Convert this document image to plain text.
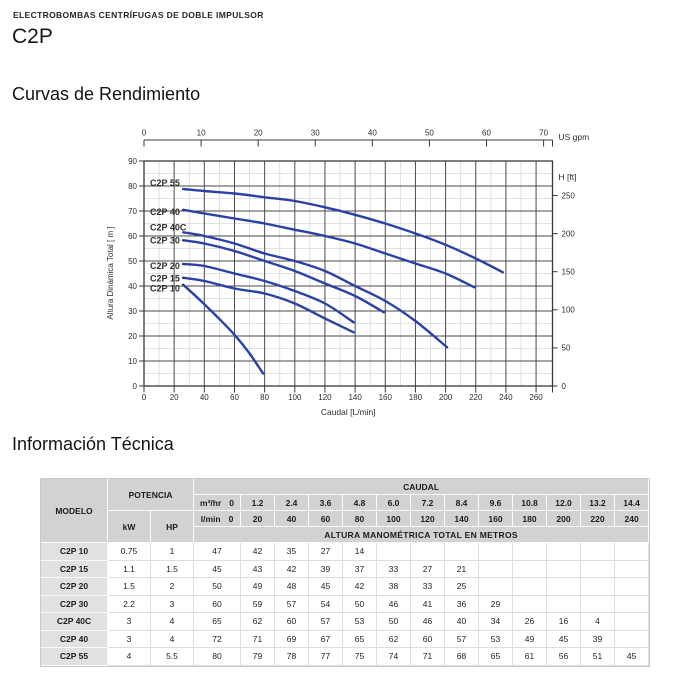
ELECTROBOMBAS CENTRÍFUGAS DE DOBLE IMPULSOR
C2P
Curvas de Rendimiento
0	20	40	60	80 100 120 140 160 180 200 220 240 260
Caudal [L/min]
0
10
20
30
40
50
60
70
80
90
Altura Dinámica Total [ m ]
0	10	20	30	40	50	60	70 US gpm
0
50
100
150
200
250
H [ft]
C2P 55
C2P 40
C2P 40C
C2P 30
C2P 20
C2P 15
C2P 10
Información Técnica
MODELO	POTENCIA		CAUDAL												
			m³/hr 0	1.2	2.4	3.6	4.8	6.0	7.2	8.4	9.6	10.8	12.0	13.2	14.4
	kW	HP	l/min 0	20	40	60	80	100	120	140	160	180	200	220	240
			ALTURA MANOMÉTRICA TOTAL EN METROS												
C2P 10	0.75	1	47	42	35	27	14								
C2P 15	1.1	1.5	45	43	42	39	37	33	27	21					
C2P 20	1.5	2	50	49	48	45	42	38	33	25					
C2P 30	2.2	3	60	59	57	54	50	46	41	36	29				
C2P 40C	3	4	65	62	60	57	53	50	46	40	34	26	16	4	
C2P 40	3	4	72	71	69	67	65	62	60	57	53	49	45	39	
C2P 55	4	5.5	80	79	78	77	75	74	71	68	65	61	56	51	45
